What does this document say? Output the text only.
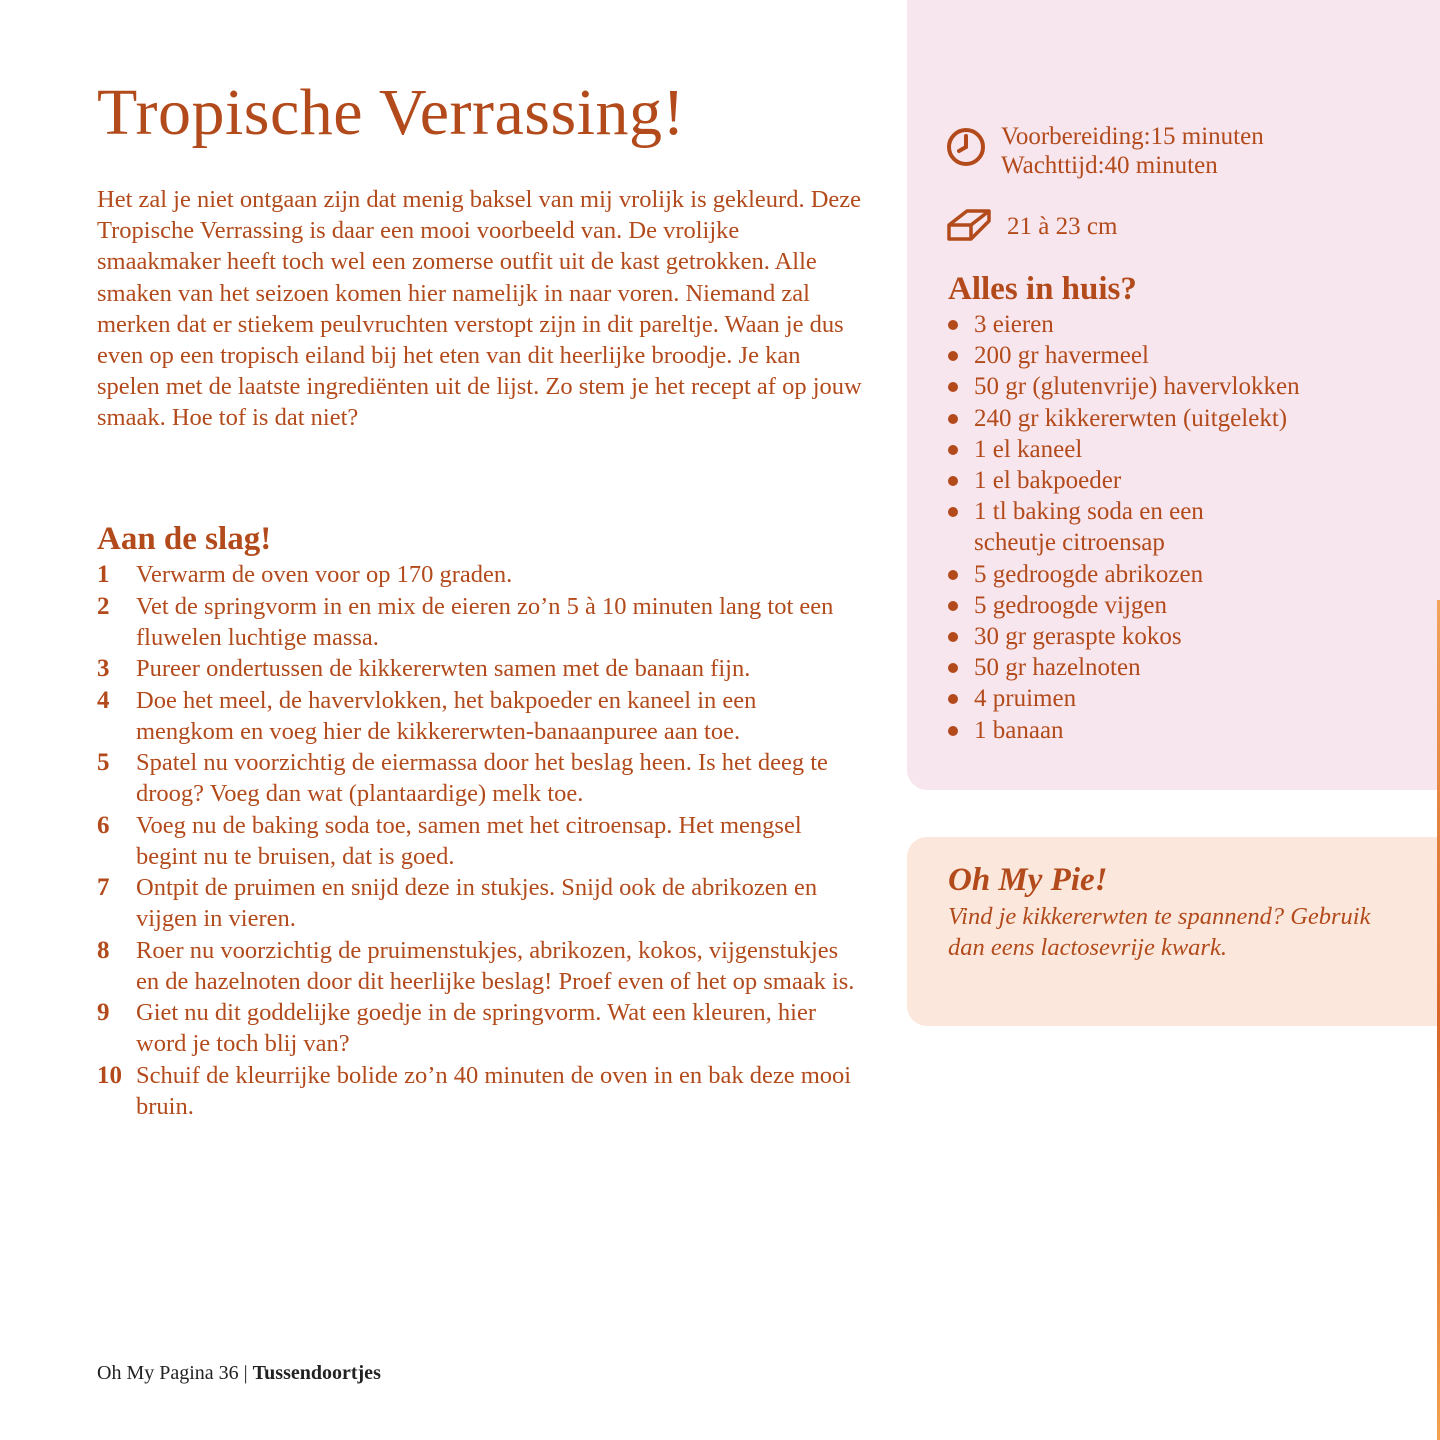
Tropische Verrassing!

Het zal je niet ontgaan zijn dat menig baksel van mij vrolijk is gekleurd. Deze Tropische Verrassing is daar een mooi voorbeeld van. De vrolijke smaakmaker heeft toch wel een zomerse outfit uit de kast getrokken. Alle smaken van het seizoen komen hier namelijk in naar voren. Niemand zal merken dat er stiekem peulvruchten verstopt zijn in dit pareltje. Waan je dus even op een tropisch eiland bij het eten van dit heerlijke broodje. Je kan spelen met de laatste ingrediënten uit de lijst. Zo stem je het recept af op jouw smaak. Hoe tof is dat niet?

Aan de slag!
1	Verwarm de oven voor op 170 graden.
2	Vet de springvorm in en mix de eieren zo’n 5 à 10 minuten lang tot een fluwelen luchtige massa.
3	Pureer ondertussen de kikkererwten samen met de banaan fijn.
4	Doe het meel, de havervlokken, het bakpoeder en kaneel in een mengkom en voeg hier de kikkererwten-banaanpuree aan toe.
5	Spatel nu voorzichtig de eiermassa door het beslag heen. Is het deeg te droog? Voeg dan wat (plantaardige) melk toe.
6	Voeg nu de baking soda toe, samen met het citroensap. Het mengsel begint nu te bruisen, dat is goed.
7	Ontpit de pruimen en snijd deze in stukjes. Snijd ook de abrikozen en vijgen in vieren.
8	Roer nu voorzichtig de pruimenstukjes, abrikozen, kokos, vijgenstukjes en de hazelnoten door dit heerlijke beslag! Proef even of het op smaak is.
9	Giet nu dit goddelijke goedje in de springvorm. Wat een kleuren, hier word je toch blij van?
10 Schuif de kleurrijke bolide zo’n 40 minuten de oven in en bak deze mooi bruin.
Voorbereiding:15 minuten
Wachttijd:40 minuten
21 à 23 cm
Alles in huis?
3 eieren
200 gr havermeel
50 gr (glutenvrije) havervlokken
240 gr kikkererwten (uitgelekt)
1 el kaneel
1 el bakpoeder
1 tl baking soda en een scheutje citroensap
5 gedroogde abrikozen
5 gedroogde vijgen
30 gr geraspte kokos
50 gr hazelnoten
4 pruimen
1 banaan
Oh My Pie!

Vind je kikkererwten te spannend? Gebruik dan eens lactosevrije kwark.

Oh My Pagina 36 | Tussendoortjes
